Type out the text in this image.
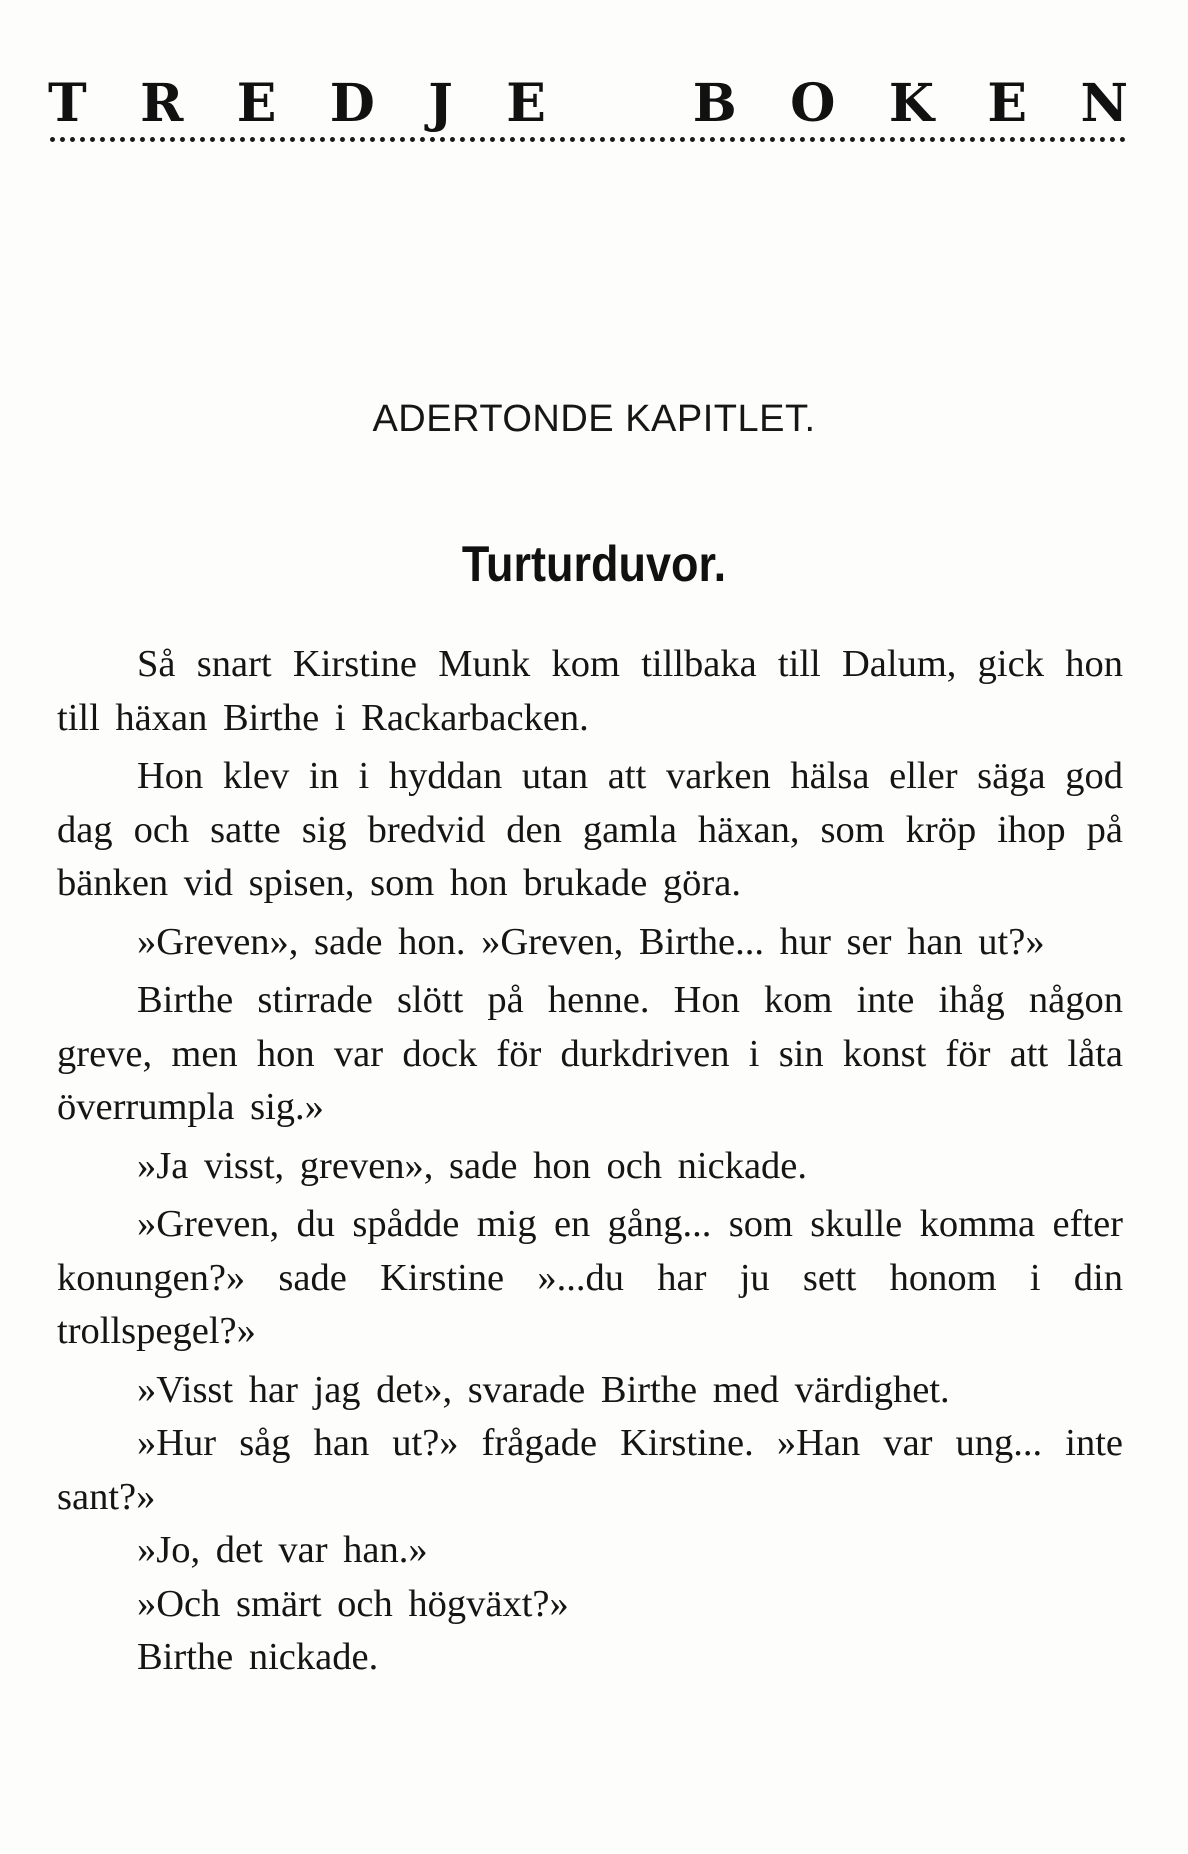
T R E D J E	B O K E N
ADERTONDE KAPITLET.
Turturduvor.

Så snart Kirstine Munk kom tillbaka till Dalum, gick hon till häxan Birthe i Rackarbacken.

Hon klev in i hyddan utan att varken hälsa eller säga god dag och satte sig bredvid den gamla häxan, som kröp ihop på bänken vid spisen, som hon brukade göra.

»Greven», sade hon. »Greven, Birthe... hur ser han ut?»

Birthe stirrade slött på henne. Hon kom inte ihåg någon greve, men hon var dock för durkdriven i sin konst för att låta överrumpla sig.»

»Ja visst, greven», sade hon och nickade.

»Greven, du spådde mig en gång... som skulle komma efter konungen?» sade Kirstine »...du har ju sett honom i din trollspegel?»

»Visst har jag det», svarade Birthe med värdighet.

»Hur såg han ut?» frågade Kirstine. »Han var ung... inte sant?»

»Jo, det var han.»

»Och smärt och högväxt?»

Birthe nickade.
